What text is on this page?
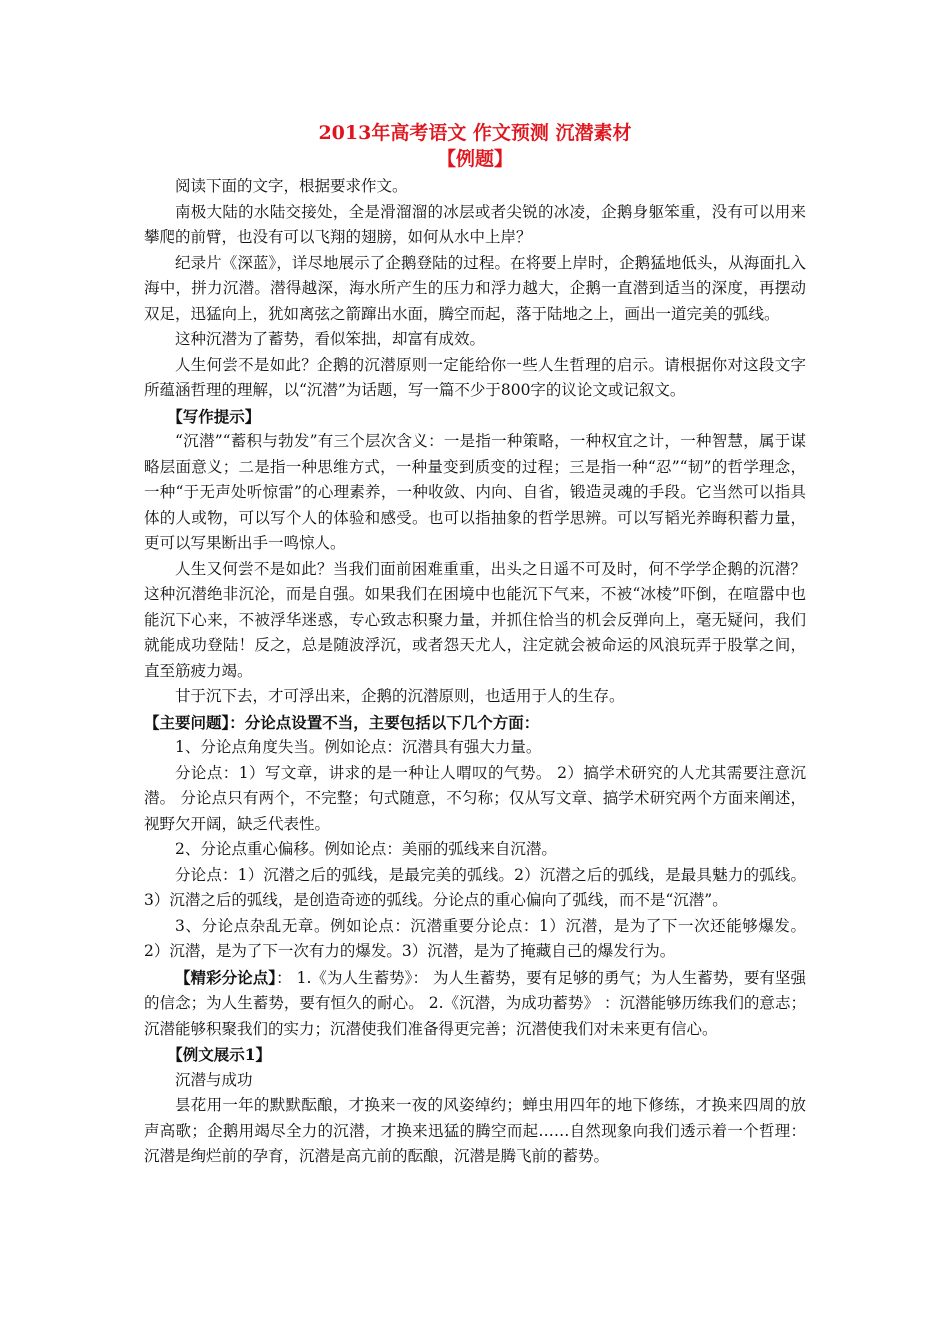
2013年高考语文 作文预测 沉潜素材
【例题】

阅读下面的文字，根据要求作文。

南极大陆的水陆交接处，全是滑溜溜的冰层或者尖锐的冰凌，企鹅身躯笨重，没有可以用来攀爬的前臂，也没有可以飞翔的翅膀，如何从水中上岸？

纪录片《深蓝》，详尽地展示了企鹅登陆的过程。在将要上岸时，企鹅猛地低头，从海面扎入海中，拼力沉潜。潜得越深，海水所产生的压力和浮力越大，企鹅一直潜到适当的深度，再摆动双足，迅猛向上，犹如离弦之箭蹿出水面，腾空而起，落于陆地之上，画出一道完美的弧线。

这种沉潜为了蓄势，看似笨拙，却富有成效。

人生何尝不是如此？企鹅的沉潜原则一定能给你一些人生哲理的启示。请根据你对这段文字所蕴涵哲理的理解，以“沉潜”为话题，写一篇不少于800字的议论文或记叙文。

【写作提示】

“沉潜”“蓄积与勃发”有三个层次含义：一是指一种策略，一种权宜之计，一种智慧，属于谋略层面意义；二是指一种思维方式，一种量变到质变的过程；三是指一种“忍”“韧”的哲学理念，一种“于无声处听惊雷”的心理素养，一种收敛、内向、自省，锻造灵魂的手段。它当然可以指具体的人或物，可以写个人的体验和感受。也可以指抽象的哲学思辨。可以写韬光养晦积蓄力量，更可以写果断出手一鸣惊人。

人生又何尝不是如此？当我们面前困难重重，出头之日遥不可及时，何不学学企鹅的沉潜？这种沉潜绝非沉沦，而是自强。如果我们在困境中也能沉下气来，不被“冰棱”吓倒，在喧嚣中也能沉下心来，不被浮华迷惑，专心致志积聚力量，并抓住恰当的机会反弹向上，毫无疑问，我们就能成功登陆！反之，总是随波浮沉，或者怨天尤人，注定就会被命运的风浪玩弄于股掌之间，直至筋疲力竭。

甘于沉下去，才可浮出来，企鹅的沉潜原则，也适用于人的生存。

【主要问题】：分论点设置不当，主要包括以下几个方面：

1、分论点角度失当。例如论点：沉潜具有强大力量。

分论点：1）写文章，讲求的是一种让人喟叹的气势。 2）搞学术研究的人尤其需要注意沉潜。 分论点只有两个，不完整；句式随意，不匀称；仅从写文章、搞学术研究两个方面来阐述，视野欠开阔，缺乏代表性。

2、分论点重心偏移。例如论点：美丽的弧线来自沉潜。

分论点：1）沉潜之后的弧线，是最完美的弧线。2）沉潜之后的弧线，是最具魅力的弧线。3）沉潜之后的弧线，是创造奇迹的弧线。分论点的重心偏向了弧线，而不是“沉潜”。

3、分论点杂乱无章。例如论点：沉潜重要分论点：1）沉潜，是为了下一次还能够爆发。 2）沉潜，是为了下一次有力的爆发。3）沉潜，是为了掩藏自己的爆发行为。

【精彩分论点】： 1.《为人生蓄势》： 为人生蓄势，要有足够的勇气；为人生蓄势，要有坚强的信念；为人生蓄势，要有恒久的耐心。 2.《沉潜，为成功蓄势》 ：沉潜能够历练我们的意志；沉潜能够积聚我们的实力；沉潜使我们准备得更完善；沉潜使我们对未来更有信心。

【例文展示1】

沉潜与成功

昙花用一年的默默酝酿，才换来一夜的风姿绰约；蝉虫用四年的地下修练，才换来四周的放声高歌；企鹅用竭尽全力的沉潜，才换来迅猛的腾空而起……自然现象向我们透示着一个哲理：沉潜是绚烂前的孕育，沉潜是高亢前的酝酿，沉潜是腾飞前的蓄势。
